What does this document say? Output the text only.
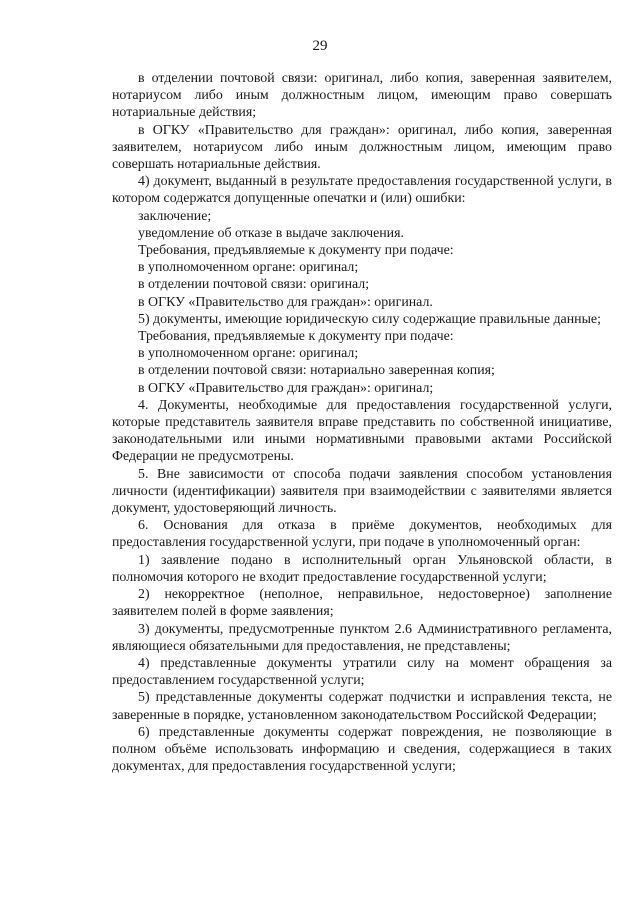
29

в отделении почтовой связи: оригинал, либо копия, заверенная заявителем, нотариусом либо иным должностным лицом, имеющим право совершать нотариальные действия;

в ОГКУ «Правительство для граждан»: оригинал, либо копия, заверенная заявителем, нотариусом либо иным должностным лицом, имеющим право совершать нотариальные действия.

4) документ, выданный в результате предоставления государственной услуги, в котором содержатся допущенные опечатки и (или) ошибки:

заключение;

уведомление об отказе в выдаче заключения.

Требования, предъявляемые к документу при подаче:

в уполномоченном органе: оригинал;

в отделении почтовой связи: оригинал;

в ОГКУ «Правительство для граждан»: оригинал.

5) документы, имеющие юридическую силу содержащие правильные данные;

Требования, предъявляемые к документу при подаче:

в уполномоченном органе: оригинал;

в отделении почтовой связи: нотариально заверенная копия;

в ОГКУ «Правительство для граждан»: оригинал;

4. Документы, необходимые для предоставления государственной услуги, которые представитель заявителя вправе представить по собственной инициативе, законодательными или иными нормативными правовыми актами Российской Федерации не предусмотрены.

5. Вне зависимости от способа подачи заявления способом установления личности (идентификации) заявителя при взаимодействии с заявителями является документ, удостоверяющий личность.

6. Основания для отказа в приёме документов, необходимых для предоставления государственной услуги, при подаче в уполномоченный орган:

1) заявление подано в исполнительный орган Ульяновской области, в полномочия которого не входит предоставление государственной услуги;

2) некорректное (неполное, неправильное, недостоверное) заполнение заявителем полей в форме заявления;

3) документы, предусмотренные пунктом 2.6 Административного регламента, являющиеся обязательными для предоставления, не представлены;

4) представленные документы утратили силу на момент обращения за предоставлением государственной услуги;

5) представленные документы содержат подчистки и исправления текста, не заверенные в порядке, установленном законодательством Российской Федерации;

6) представленные документы содержат повреждения, не позволяющие в полном объёме использовать информацию и сведения, содержащиеся в таких документах, для предоставления государственной услуги;
